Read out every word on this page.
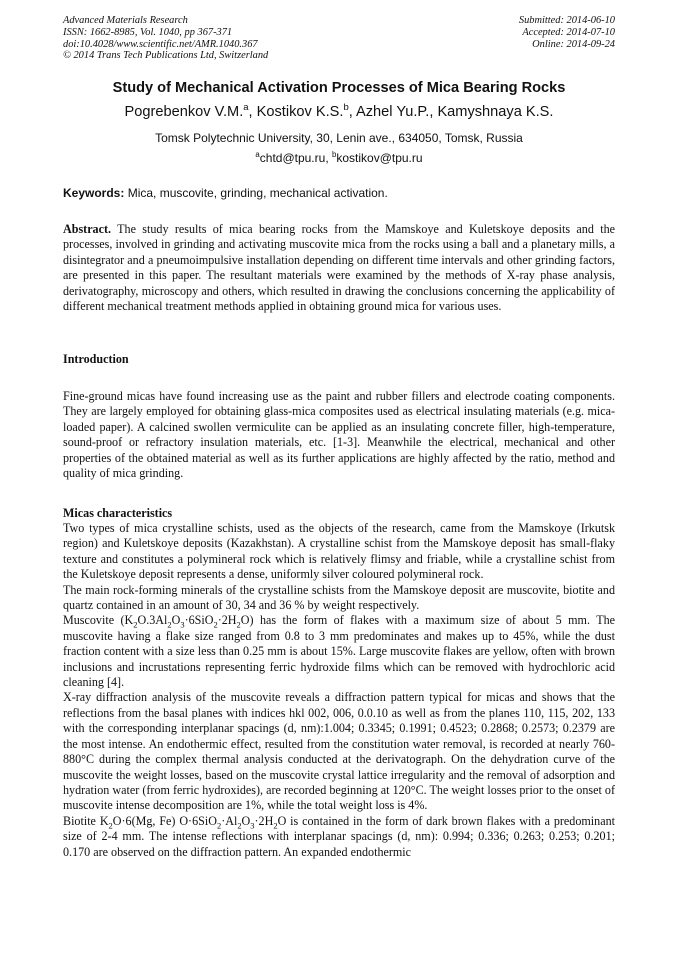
Advanced Materials Research
ISSN: 1662-8985, Vol. 1040, pp 367-371
doi:10.4028/www.scientific.net/AMR.1040.367
© 2014 Trans Tech Publications Ltd, Switzerland
Submitted: 2014-06-10
Accepted: 2014-07-10
Online: 2014-09-24
Study of Mechanical Activation Processes of Mica Bearing Rocks
Pogrebenkov V.M.$^a$, Kostikov K.S.$^b$, Azhel Yu.P., Kamyshnaya K.S.
Tomsk Polytechnic University, 30, Lenin ave., 634050, Tomsk, Russia
$^a$chtd@tpu.ru, $^b$kostikov@tpu.ru
Keywords: Mica, muscovite, grinding, mechanical activation.

Abstract. The study results of mica bearing rocks from the Mamskoye and Kuletskoye deposits and the processes, involved in grinding and activating muscovite mica from the rocks using a ball and a planetary mills, a disintegrator and a pneumoimpulsive installation depending on different time intervals and other grinding factors, are presented in this paper. The resultant materials were examined by the methods of X-ray phase analysis, derivatography, microscopy and others, which resulted in drawing the conclusions concerning the applicability of different mechanical treatment methods applied in obtaining ground mica for various uses.

Introduction

Fine-ground micas have found increasing use as the paint and rubber fillers and electrode coating components. They are largely employed for obtaining glass-mica composites used as electrical insulating materials (e.g. mica-loaded paper). A calcined swollen vermiculite can be applied as an insulating concrete filler, high-temperature, sound-proof or refractory insulation materials, etc. [1-3]. Meanwhile the electrical, mechanical and other properties of the obtained material as well as its further applications are highly affected by the ratio, method and quality of mica grinding.

Micas characteristics

Two types of mica crystalline schists, used as the objects of the research, came from the Mamskoye (Irkutsk region) and Kuletskoye deposits (Kazakhstan). A crystalline schist from the Mamskoye deposit has small-flaky texture and constitutes a polymineral rock which is relatively flimsy and friable, while a crystalline schist from the Kuletskoye deposit represents a dense, uniformly silver coloured polymineral rock.

The main rock-forming minerals of the crystalline schists from the Mamskoye deposit are muscovite, biotite and quartz contained in an amount of 30, 34 and 36 % by weight respectively.

Muscovite $(K_2O.3Al_2O_3\cdot 6SiO_2\cdot 2H_2O)$ has the form of flakes with a maximum size of about 5 mm. The muscovite having a flake size ranged from 0.8 to 3 mm predominates and makes up to 45%, while the dust fraction content with a size less than 0.25 mm is about 15%. Large muscovite flakes are yellow, often with brown inclusions and incrustations representing ferric hydroxide films which can be removed with hydrochloric acid cleaning [4].

X-ray diffraction analysis of the muscovite reveals a diffraction pattern typical for micas and shows that the reflections from the basal planes with indices hkl 002, 006, 0.0.10 as well as from the planes 110, 115, 202, 133 with the corresponding interplanar spacings (d, nm):1.004; 0.3345; 0.1991; 0.4523; 0.2868; 0.2573; 0.2379 are the most intense. An endothermic effect, resulted from the constitution water removal, is recorded at nearly 760-880°C during the complex thermal analysis conducted at the derivatograph. On the dehydration curve of the muscovite the weight losses, based on the muscovite crystal lattice irregularity and the removal of adsorption and hydration water (from ferric hydroxides), are recorded beginning at 120°C. The weight losses prior to the onset of muscovite intense decomposition are 1%, while the total weight loss is 4%.

Biotite $K_2O\cdot 6(Mg$, Fe) $O\cdot 6SiO_2\cdot Al_2O_3\cdot 2H_2O$ is contained in the form of dark brown flakes with a predominant size of 2-4 mm. The intense reflections with interplanar spacings (d, nm): 0.994; 0.336; 0.263; 0.253; 0.201; 0.170 are observed on the diffraction pattern. An expanded endothermic
